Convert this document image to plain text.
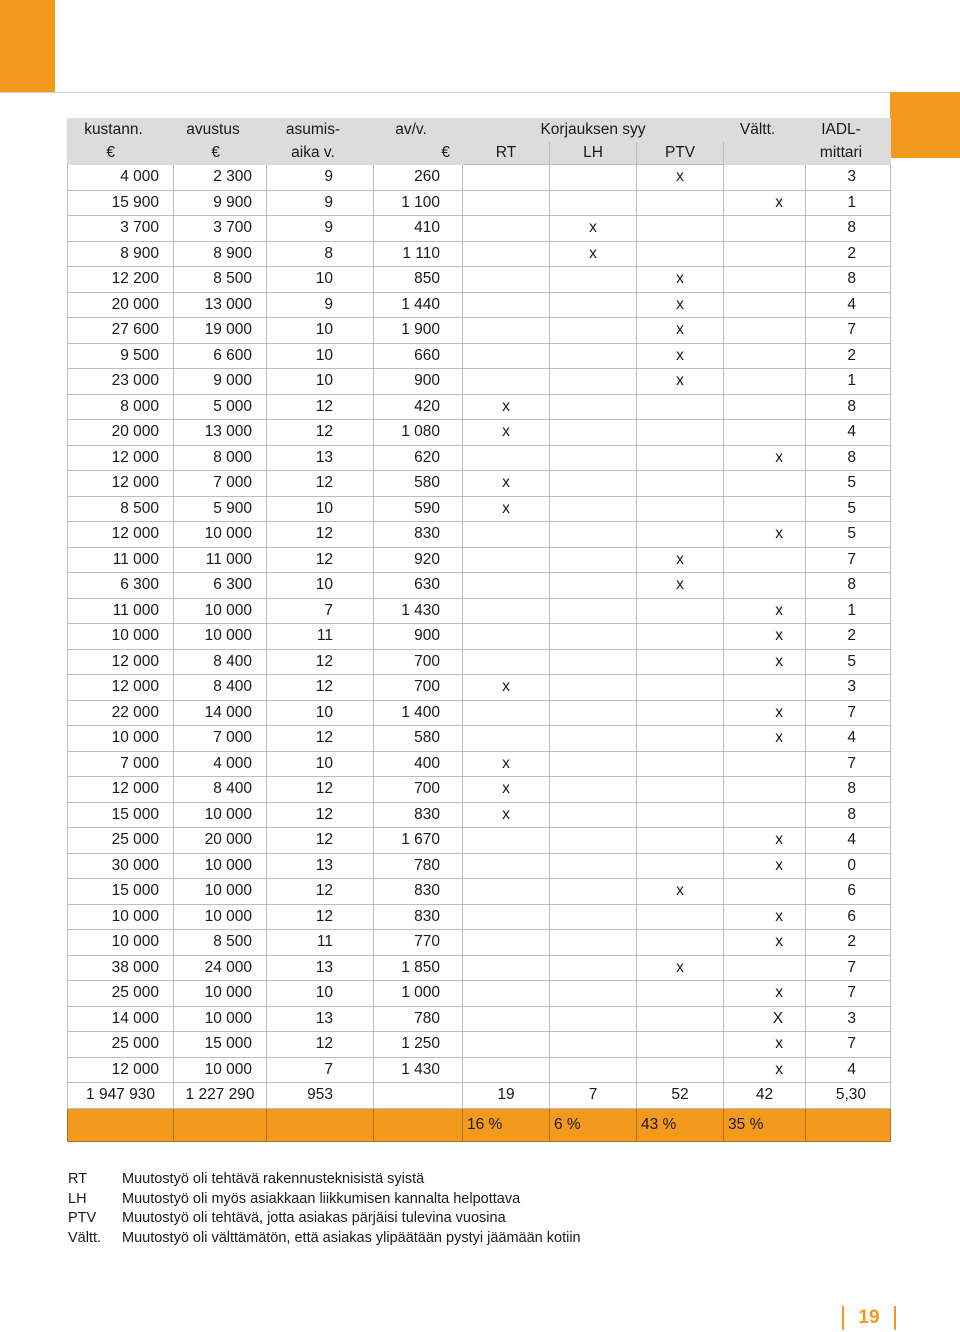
kustann.	avustus	asumis-	av/v.	Korjauksen syy			Vältt.	IADL-
€	€	aika v.	€	RT	LH	PTV		mittari
4 000	2 300	9	260			x		3
15 900	9 900	9	1 100				x	1
3 700	3 700	9	410		x			8
8 900	8 900	8	1 110		x			2
12 200	8 500	10	850			x		8
20 000	13 000	9	1 440			x		4
27 600	19 000	10	1 900			x		7
9 500	6 600	10	660			x		2
23 000	9 000	10	900			x		1
8 000	5 000	12	420	x				8
20 000	13 000	12	1 080	x				4
12 000	8 000	13	620				x	8
12 000	7 000	12	580	x				5
8 500	5 900	10	590	x				5
12 000	10 000	12	830				x	5
11 000	11 000	12	920			x		7
6 300	6 300	10	630			x		8
11 000	10 000	7	1 430				x	1
10 000	10 000	11	900				x	2
12 000	8 400	12	700				x	5
12 000	8 400	12	700	x				3
22 000	14 000	10	1 400				x	7
10 000	7 000	12	580				x	4
7 000	4 000	10	400	x				7
12 000	8 400	12	700	x				8
15 000	10 000	12	830	x				8
25 000	20 000	12	1 670				x	4
30 000	10 000	13	780				x	0
15 000	10 000	12	830			x		6
10 000	10 000	12	830				x	6
10 000	8 500	11	770				x	2
38 000	24 000	13	1 850			x		7
25 000	10 000	10	1 000				x	7
14 000	10 000	13	780				X	3
25 000	15 000	12	1 250				x	7
12 000	10 000	7	1 430				x	4
1 947 930	1 227 290	953		19	7	52	42	5,30
				16 %	6 %	43 %	35 %	
RT	Muutostyö oli tehtävä rakennusteknisistä syistä
LH	Muutostyö oli myös asiakkaan liikkumisen kannalta helpottava
PTV	Muutostyö oli tehtävä, jotta asiakas pärjäisi tulevina vuosina
Vältt.	Muutostyö oli välttämätön, että asiakas ylipäätään pystyi jäämään kotiin
19
